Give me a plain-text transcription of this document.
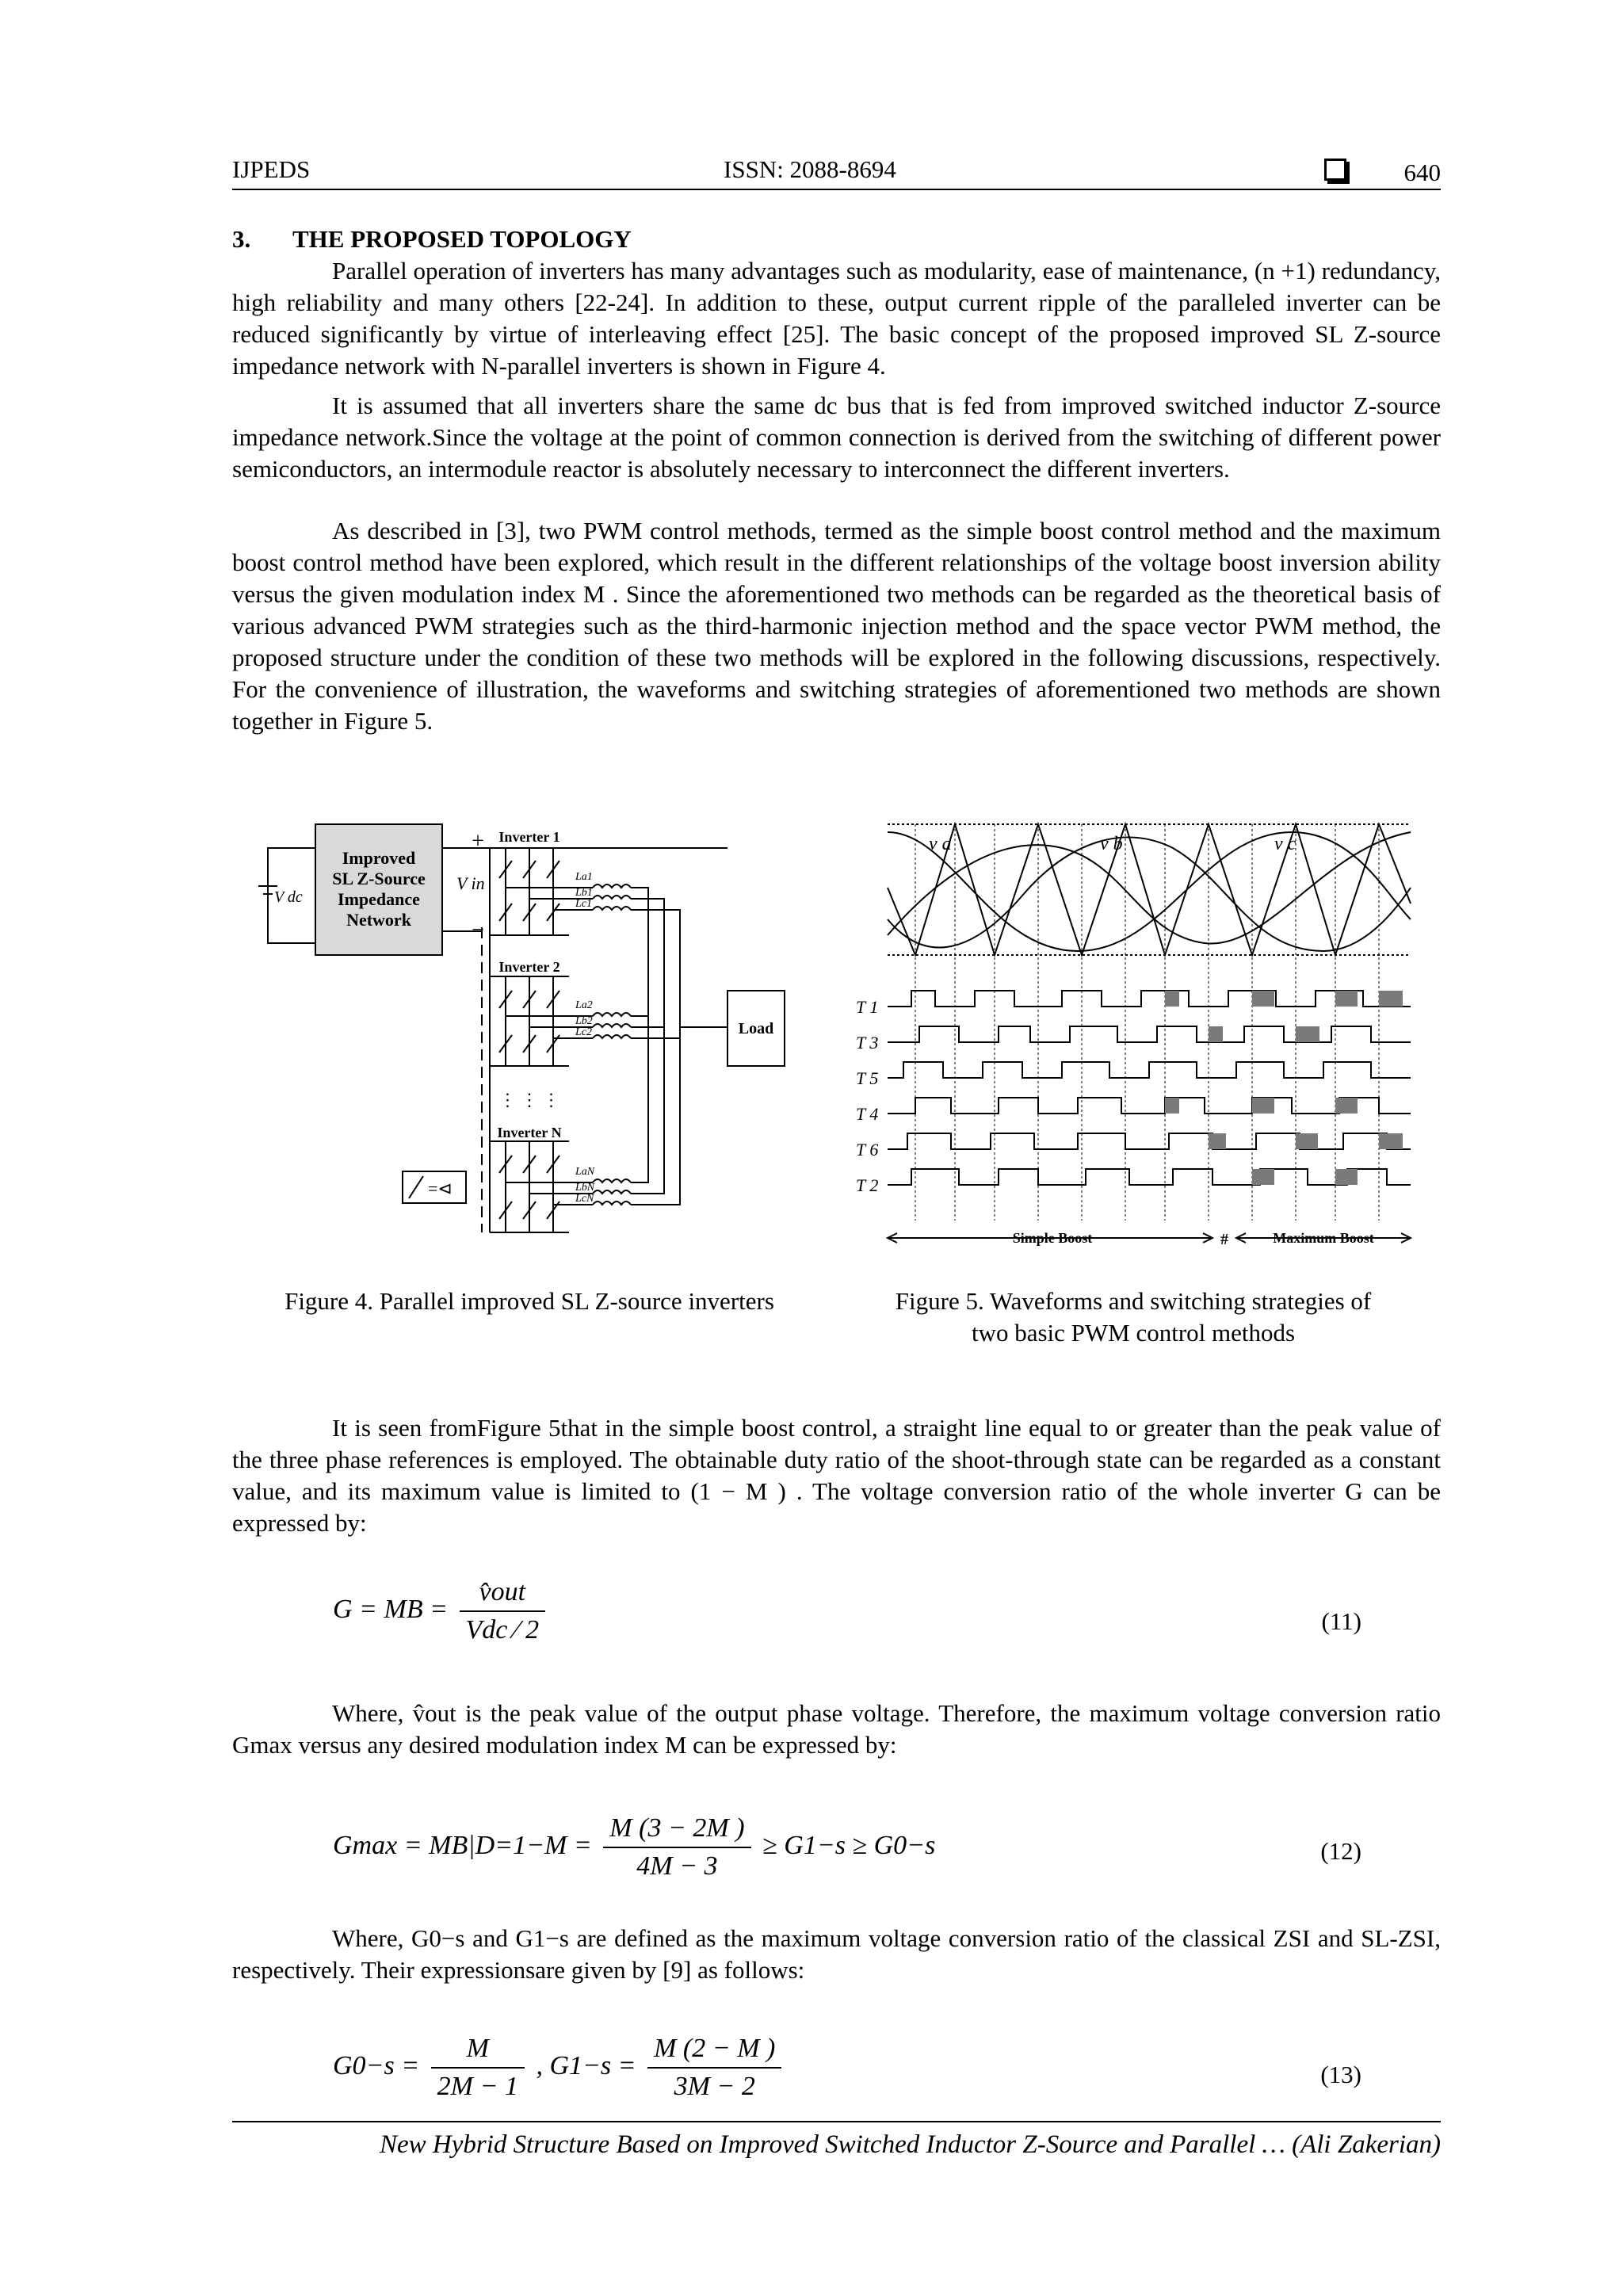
IJPEDS	ISSN: 2088-8694	640
3. THE PROPOSED TOPOLOGY

Parallel operation of inverters has many advantages such as modularity, ease of maintenance, (n +1) redundancy, high reliability and many others [22-24]. In addition to these, output current ripple of the paralleled inverter can be reduced significantly by virtue of interleaving effect [25]. The basic concept of the proposed improved SL Z-source impedance network with N-parallel inverters is shown in Figure 4.

It is assumed that all inverters share the same dc bus that is fed from improved switched inductor Z-source impedance network.Since the voltage at the point of common connection is derived from the switching of different power semiconductors, an intermodule reactor is absolutely necessary to interconnect the different inverters.

As described in [3], two PWM control methods, termed as the simple boost control method and the maximum boost control method have been explored, which result in the different relationships of the voltage boost inversion ability versus the given modulation index M . Since the aforementioned two methods can be regarded as the theoretical basis of various advanced PWM strategies such as the third-harmonic injection method and the space vector PWM method, the proposed structure under the condition of these two methods will be explored in the following discussions, respectively. For the convenience of illustration, the waveforms and switching strategies of aforementioned two methods are shown together in Figure 5.

Improved
SL Z-Source
Impedance
Network
V dc
V in
+
−
Inverter 1
Inverter 2
Inverter N
⋮ ⋮ ⋮
Load
La1
Lb1
Lc1
La2
Lb2
Lc2
LaN
LbN
LcN
=⊲
Figure 4. Parallel improved SL Z-source inverters
v a	v b	v c
T 1
T 3
T 5
T 4
T 6
T 2
Simple Boost	#	Maximum Boost
Figure 5. Waveforms and switching strategies of
two basic PWM control methods

It is seen fromFigure 5that in the simple boost control, a straight line equal to or greater than the peak value of the three phase references is employed. The obtainable duty ratio of the shoot-through state can be regarded as a constant value, and its maximum value is limited to (1 − M ) . The voltage conversion ratio of the whole inverter G can be expressed by:

G = MB = $\frac{\text{v̂out}}{\text{Vdc ⁄ 2}}$	(11)

Where, v̂out is the peak value of the output phase voltage. Therefore, the maximum voltage conversion ratio Gmax versus any desired modulation index M can be expressed by:

$Gmax = MB|D=1-M = \frac{M (3 - 2M )}{4M - 3} \ge G1-s \ge G0-s$	(12)

Where, G0−s and G1−s are defined as the maximum voltage conversion ratio of the classical ZSI and SL-ZSI, respectively. Their expressionsare given by [9] as follows:

$G0-s = \frac{M}{2M - 1}$ , $G1-s = \frac{M (2 - M )}{3M - 2}$	(13)
New Hybrid Structure Based on Improved Switched Inductor Z-Source and Parallel … (Ali Zakerian)
